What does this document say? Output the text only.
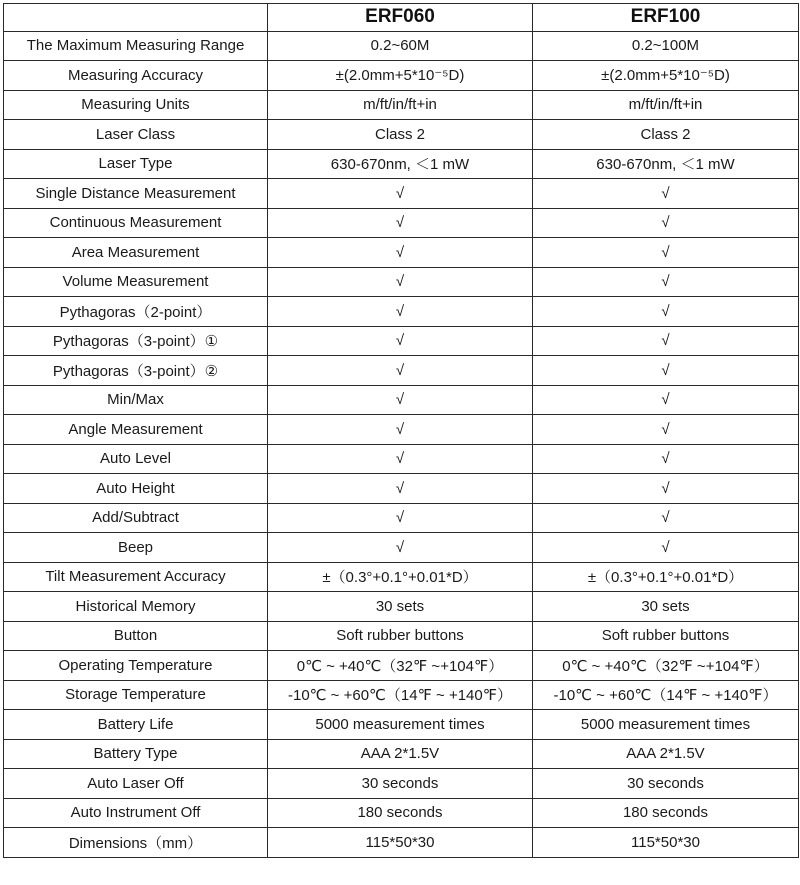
	ERF060	ERF100
The Maximum Measuring Range	0.2~60M	0.2~100M
Measuring Accuracy	±(2.0mm+5*10⁻⁵D)	±(2.0mm+5*10⁻⁵D)
Measuring Units	m/ft/in/ft+in	m/ft/in/ft+in
Laser Class	Class 2	Class 2
Laser Type	630-670nm, ＜1 mW	630-670nm, ＜1 mW
Single Distance Measurement	√	√
Continuous Measurement	√	√
Area Measurement	√	√
Volume Measurement	√	√
Pythagoras（2-point）	√	√
Pythagoras（3-point）①	√	√
Pythagoras（3-point）②	√	√
Min/Max	√	√
Angle Measurement	√	√
Auto Level	√	√
Auto Height	√	√
Add/Subtract	√	√
Beep	√	√
Tilt Measurement Accuracy	±（0.3°+0.1°+0.01*D）	±（0.3°+0.1°+0.01*D）
Historical Memory	30 sets	30 sets
Button	Soft rubber buttons	Soft rubber buttons
Operating Temperature	0℃ ~ +40℃（32℉ ~+104℉）	0℃ ~ +40℃（32℉ ~+104℉）
Storage Temperature	-10℃ ~ +60℃（14℉ ~ +140℉）	-10℃ ~ +60℃（14℉ ~ +140℉）
Battery Life	5000 measurement times	5000 measurement times
Battery Type	AAA 2*1.5V	AAA 2*1.5V
Auto Laser Off	30 seconds	30 seconds
Auto Instrument Off	180 seconds	180 seconds
Dimensions（mm）	115*50*30	115*50*30
